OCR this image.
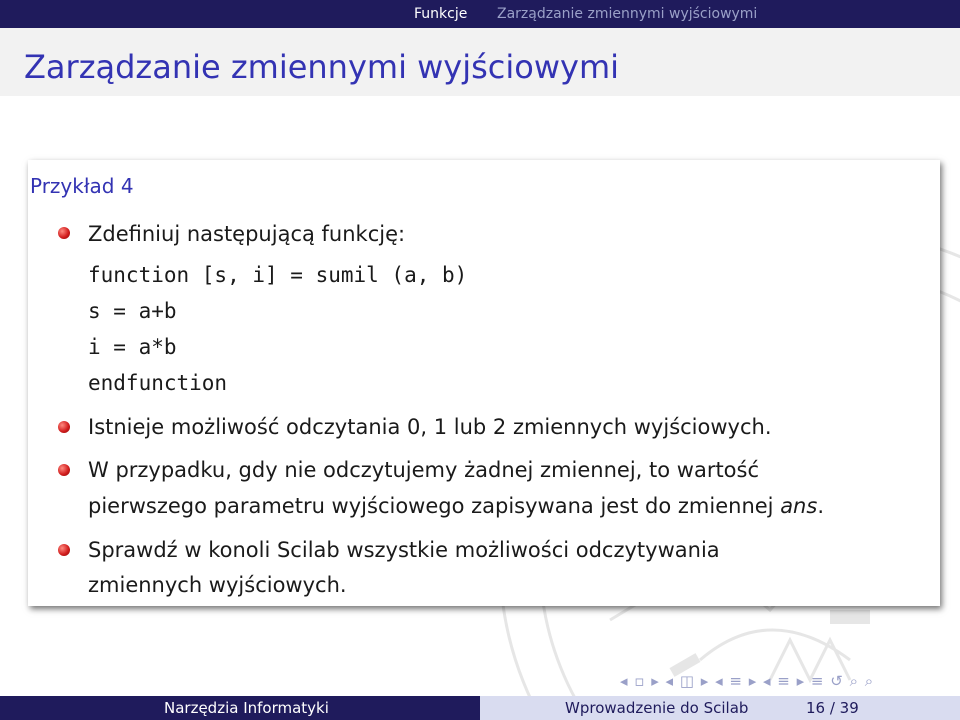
Funkcje Zarządzanie zmiennymi wyjściowymi
Zarządzanie zmiennymi wyjściowymi
Przykład 4
Zdefiniuj następującą funkcję:
function [s, i] = sumil (a, b)
s = a+b
i = a*b
endfunction
Istnieje możliwość odczytania 0, 1 lub 2 zmiennych wyjściowych.
W przypadku, gdy nie odczytujemy żadnej zmiennej, to wartość
pierwszego parametru wyjściowego zapisywana jest do zmiennej ans.
Sprawdź w konoli Scilab wszystkie możliwości odczytywania
zmiennych wyjściowych.
◂ ▫ ▸ ◂ ◫ ▸ ◂ ≡ ▸ ◂ ≡ ▸ ≡ ↺ ⌕ ⌕
Narzędzia Informatyki	Wprowadzenie do Scilab	16 / 39
